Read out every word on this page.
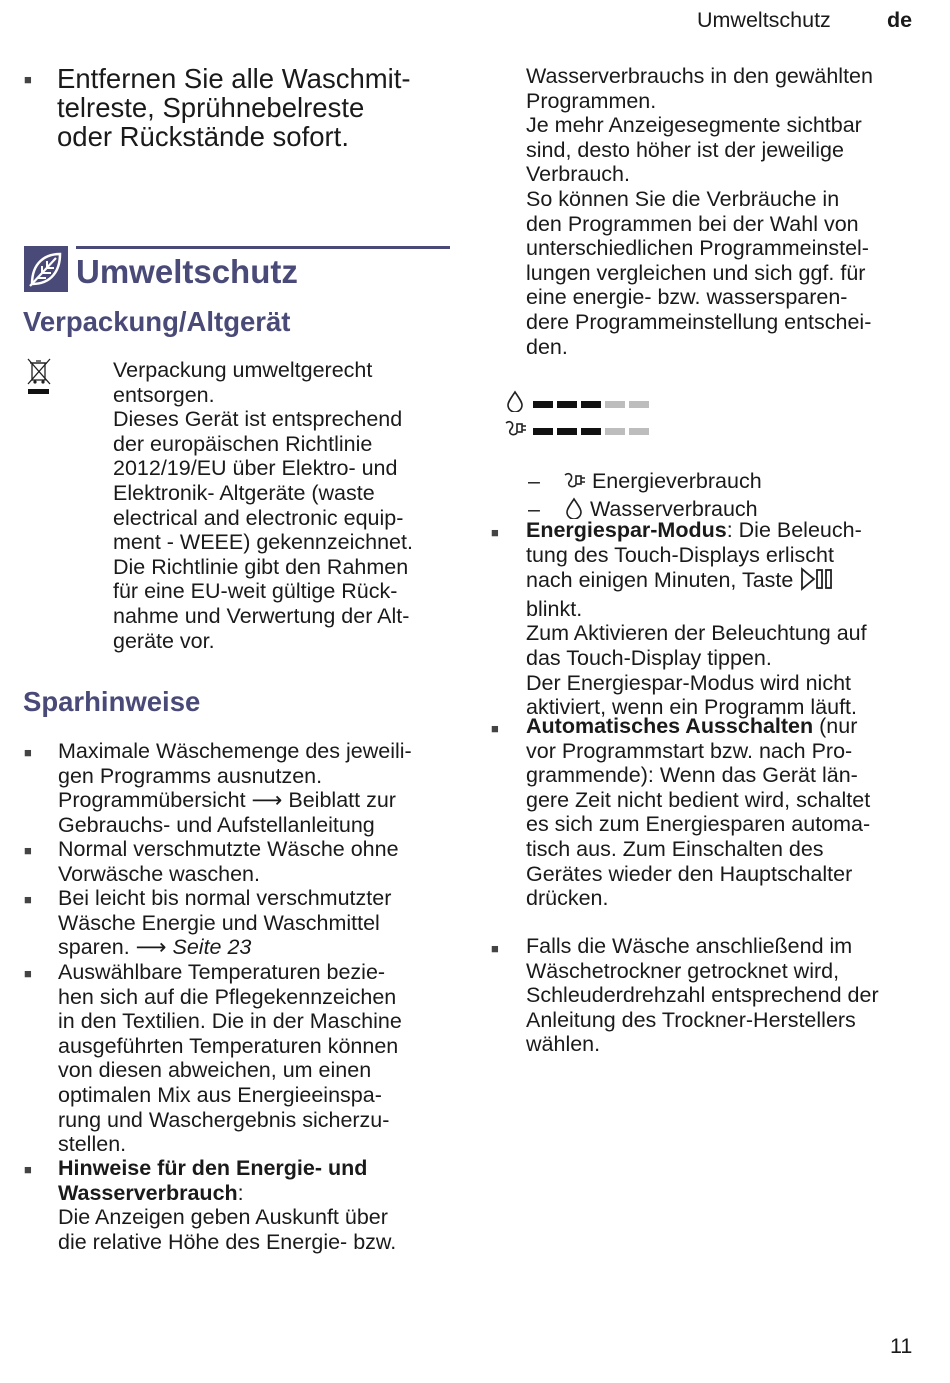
Umweltschutz	de
■
Entfernen Sie alle Waschmit-
telreste, Sprühnebelreste
oder Rückstände sofort.
Umweltschutz
Verpackung/Altgerät
Verpackung umweltgerecht
entsorgen.
Dieses Gerät ist entsprechend
der europäischen Richtlinie
2012/19/EU über Elektro- und
Elektronik- Altgeräte (waste
electrical and electronic equip-
ment - WEEE) gekennzeichnet.
Die Richtlinie gibt den Rahmen
für eine EU-weit gültige Rück-
nahme und Verwertung der Alt-
geräte vor.
Sparhinweise
■
Maximale Wäschemenge des jeweili-
gen Programms ausnutzen.
Programmübersicht ⟶ Beiblatt zur
Gebrauchs- und Aufstellanleitung
■
Normal verschmutzte Wäsche ohne
Vorwäsche waschen.
■
Bei leicht bis normal verschmutzter
Wäsche Energie und Waschmittel
sparen. ⟶ Seite 23
■
Auswählbare Temperaturen bezie-
hen sich auf die Pflegekennzeichen
in den Textilien. Die in der Maschine
ausgeführten Temperaturen können
von diesen abweichen, um einen
optimalen Mix aus Energieeinspa-
rung und Waschergebnis sicherzu-
stellen.
■
Hinweise für den Energie- und
Wasserverbrauch:
Die Anzeigen geben Auskunft über
die relative Höhe des Energie- bzw.
Wasserverbrauchs in den gewählten
Programmen.
Je mehr Anzeigesegmente sichtbar
sind, desto höher ist der jeweilige
Verbrauch.
So können Sie die Verbräuche in
den Programmen bei der Wahl von
unterschiedlichen Programmeinstel-
lungen vergleichen und sich ggf. für
eine energie- bzw. wassersparen-
dere Programmeinstellung entschei-
den.
– Energieverbrauch
– Wasserverbrauch
■
Energiespar-Modus: Die Beleuch-
tung des Touch-Displays erlischt
nach einigen Minuten, Taste
blinkt.
Zum Aktivieren der Beleuchtung auf
das Touch-Display tippen.
Der Energiespar-Modus wird nicht
aktiviert, wenn ein Programm läuft.
■
Automatisches Ausschalten (nur
vor Programmstart bzw. nach Pro-
grammende): Wenn das Gerät län-
gere Zeit nicht bedient wird, schaltet
es sich zum Energiesparen automa-
tisch aus. Zum Einschalten des
Gerätes wieder den Hauptschalter
drücken.
■
Falls die Wäsche anschließend im
Wäschetrockner getrocknet wird,
Schleuderdrehzahl entsprechend der
Anleitung des Trockner-Herstellers
wählen.
11
